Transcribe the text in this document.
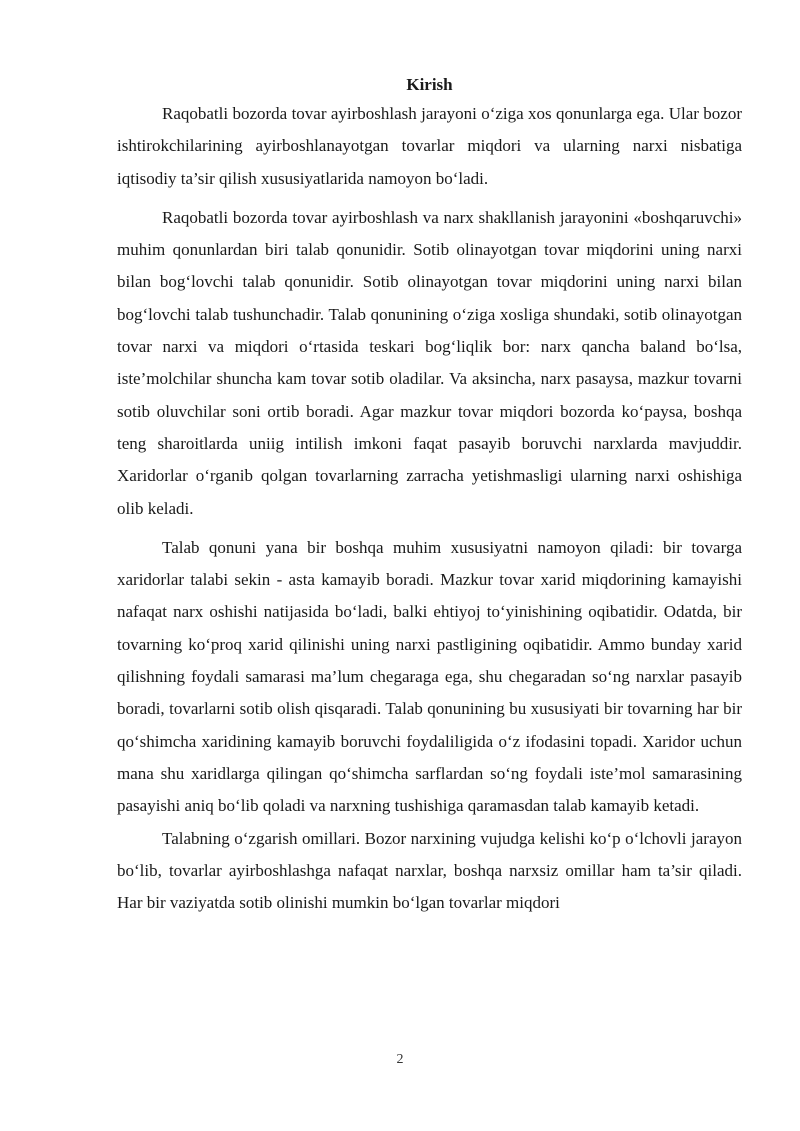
Kirish

Raqobatli bozorda tovar ayirboshlash jarayoni o‘ziga xos qonunlarga ega. Ular bozor ishtirokchilarining ayirboshlanayotgan tovarlar miqdori va ularning narxi nisbatiga iqtisodiy ta’sir qilish xususiyatlarida namoyon bo‘ladi.

Raqobatli bozorda tovar ayirboshlash va narx shakllanish jarayonini «boshqaruvchi» muhim qonunlardan biri talab qonunidir. Sotib olinayotgan tovar miqdorini uning narxi bilan bog‘lovchi talab qonunidir. Sotib olinayotgan tovar miqdorini uning narxi bilan bog‘lovchi talab tushunchadir. Talab qonunining o‘ziga xosligа shundaki, sotib olinayotgan tovar narxi va miqdori o‘rtasida teskari bog‘liqlik bor: narx qancha baland bo‘lsa, iste’molchilar shuncha kam tovar sotib oladilar. Va aksincha, narx pasaysa, mazkur tovarni sotib oluvchilar soni ortib boradi. Agar mazkur tovar miqdori bozorda ko‘paysa, boshqa teng sharoitlarda uniig intilish imkoni faqat pasayib boruvchi narxlarda mavjuddir. Xaridorlar o‘rganib qolgan tovarlarning zarracha yetishmasligi ularning narxi oshishiga olib keladi.

Talab qonuni yana bir boshqa muhim xususiyatni namoyon qiladi: bir tovarga xaridorlar talabi sekin - asta kamayib boradi. Mazkur tovar xarid miqdorining kamayishi nafaqat narx oshishi natijasida bo‘ladi, balki ehtiyoj to‘yinishining oqibatidir. Odatda, bir tovarning ko‘proq xarid qilinishi uning narxi pastligining oqibatidir. Ammo bunday xarid qilishning foydali samarasi ma’lum chegaraga ega, shu chegaradan so‘ng narxlar pasayib boradi, tovarlarni sotib olish qisqaradi. Talab qonunining bu xususiyati bir tovarning har bir qo‘shimcha xaridining kamayib boruvchi foydaliligida o‘z ifodasini topadi. Xaridor uchun mana shu xaridlarga qilingan qo‘shimcha sarflardan so‘ng foydali iste’mol samarasining pasayishi aniq bo‘lib qoladi va narxning tushishiga qaramasdan talab kamayib ketadi.

Talabning o‘zgarish omillari. Bozor narxining vujudga kelishi ko‘p o‘lchovli jarayon bo‘lib, tovarlar ayirboshlashga nafaqat narxlar, boshqa narxsiz omillar ham ta’sir qiladi. Har bir vaziyatda sotib olinishi mumkin bo‘lgan tovarlar miqdori

2
